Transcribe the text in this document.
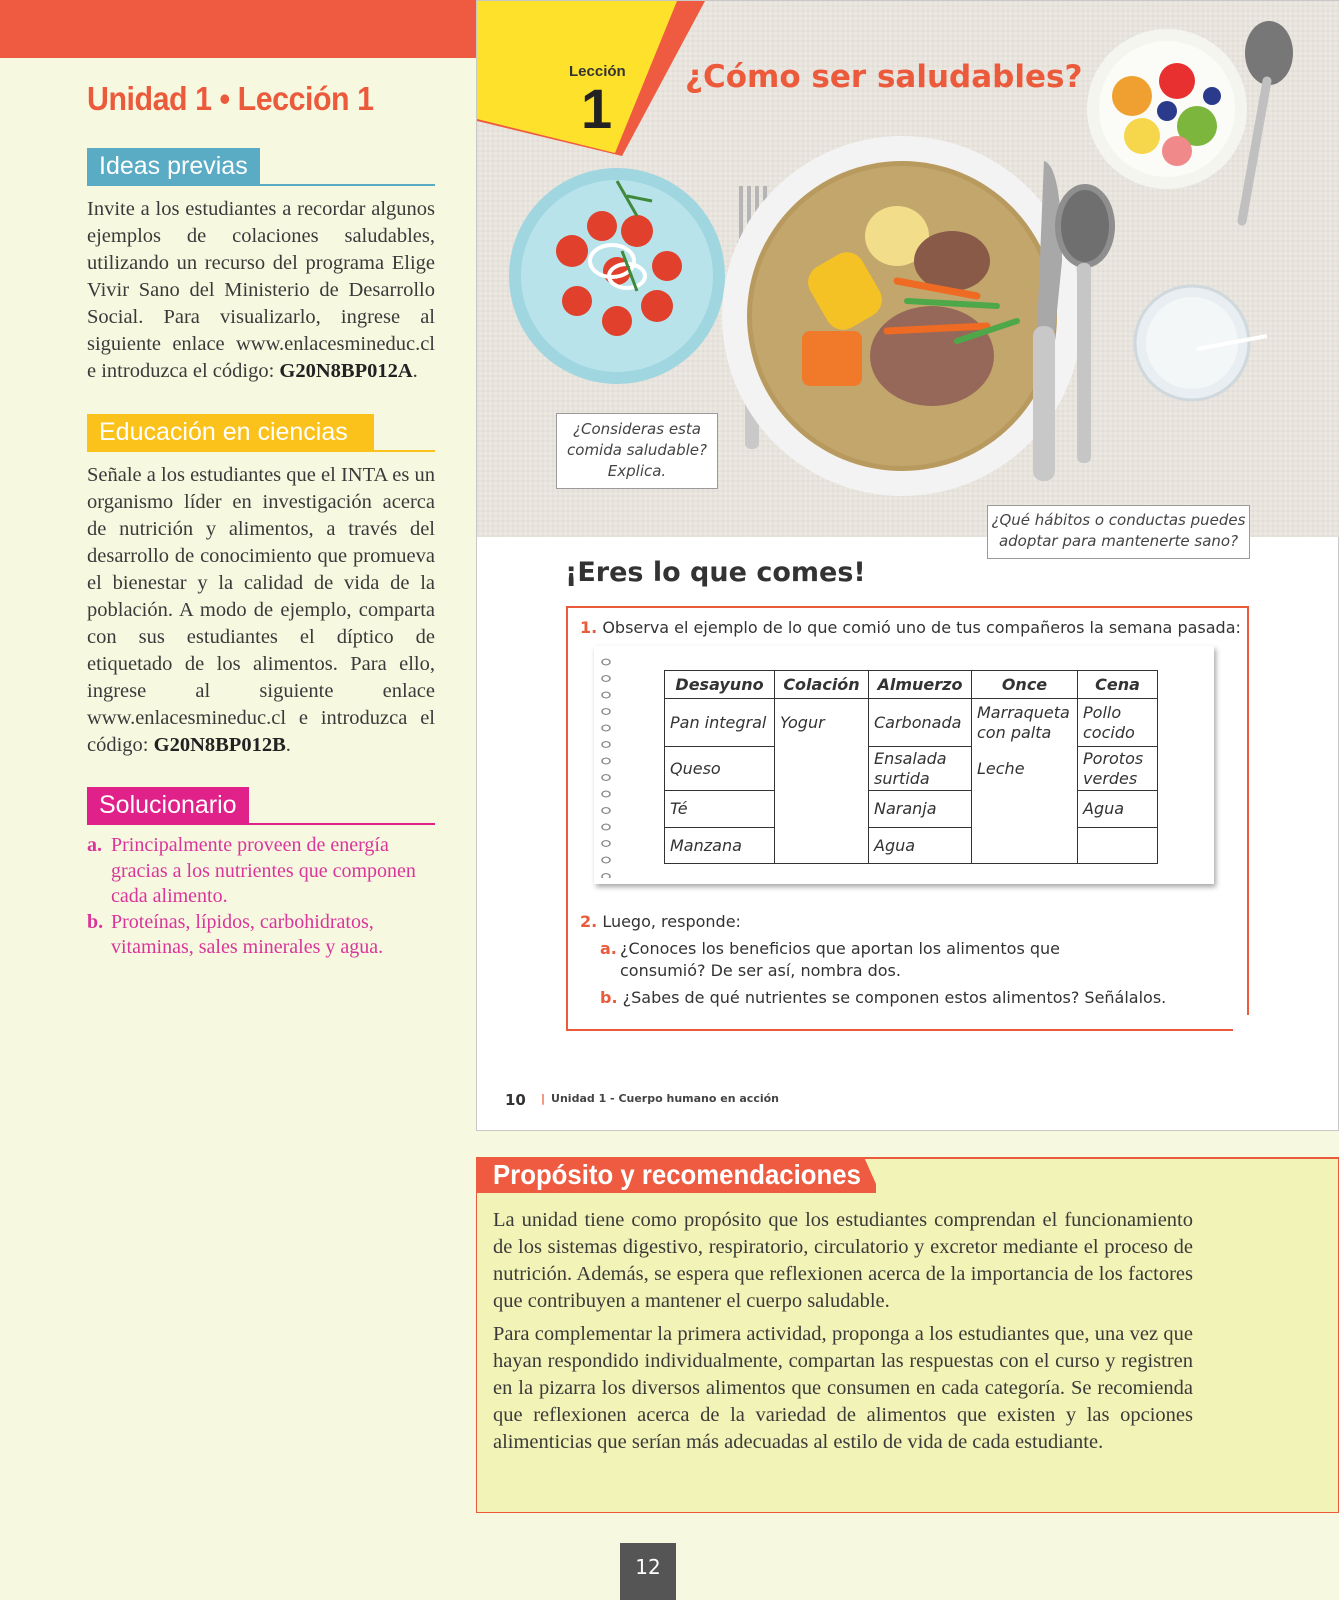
Unidad 1 • Lección 1
Ideas previas

Invite a los estudiantes a recordar algunos ejemplos de colaciones saludables, utilizando un recurso del programa Elige Vivir Sano del Ministerio de Desarrollo Social. Para visualizarlo, ingrese al siguiente enlace www.enlacesmineduc.cl e introduzca el código: G20N8BP012A.

Educación en ciencias

Señale a los estudiantes que el INTA es un organismo líder en investigación acerca de nutrición y alimentos, a través del desarrollo de conocimiento que promueva el bienestar y la calidad de vida de la población. A modo de ejemplo, comparta con sus estudiantes el díptico de etiquetado de los alimentos. Para ello, ingrese al siguiente enlace www.enlacesmineduc.cl e introduzca el código: G20N8BP012B.

Solucionario
a. Principalmente proveen de energía gracias a los nutrientes que componen cada alimento.
b. Proteínas, lípidos, carbohidratos, vitaminas, sales minerales y agua.
Lección
1 ¿Cómo ser saludables?
¿Consideras esta comida saludable? Explica.
¿Qué hábitos o conductas puedes adoptar para mantenerte sano?
¡Eres lo que comes!
1. Observa el ejemplo de lo que comió uno de tus compañeros la semana pasada:
Desayuno	Colación	Almuerzo	Once	Cena
Pan integral	Yogur	Carbonada	Marraqueta con palta	Pollo cocido
Queso		Ensalada surtida	Leche	Porotos verdes
Té		Naranja		Agua
Manzana		Agua		
2. Luego, responde:
a. ¿Conoces los beneficios que aportan los alimentos que consumió? De ser así, nombra dos.
b. ¿Sabes de qué nutrientes se componen estos alimentos? Señálalos.
10 | Unidad 1 - Cuerpo humano en acción

La unidad tiene como propósito que los estudiantes comprendan el funcionamiento de los sistemas digestivo, respiratorio, circulatorio y excretor mediante el proceso de nutrición. Además, se espera que reflexionen acerca de la importancia de los factores que contribuyen a mantener el cuerpo saludable.

Para complementar la primera actividad, proponga a los estudiantes que, una vez que hayan respondido individualmente, compartan las respuestas con el curso y registren en la pizarra los diversos alimentos que consumen en cada categoría. Se recomienda que reflexionen acerca de la variedad de alimentos que existen y las opciones alimenticias que serían más adecuadas al estilo de vida de cada estudiante.

Propósito y recomendaciones
12
